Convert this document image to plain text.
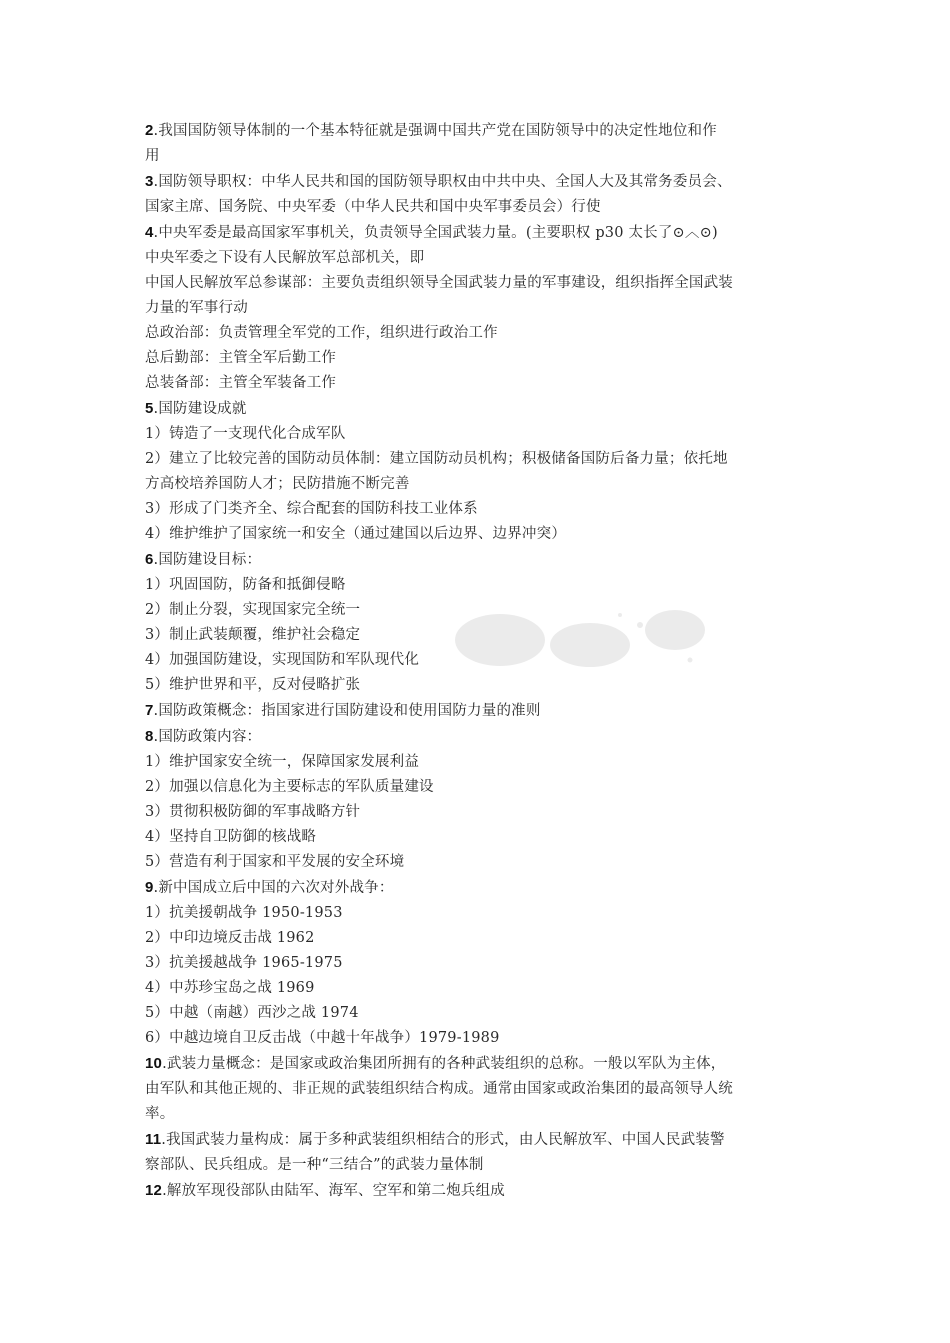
2.我国国防领导体制的一个基本特征就是强调中国共产党在国防领导中的决定性地位和作
用
3.国防领导职权：中华人民共和国的国防领导职权由中共中央、全国人大及其常务委员会、
国家主席、国务院、中央军委（中华人民共和国中央军事委员会）行使
4.中央军委是最高国家军事机关，负责领导全国武装力量。(主要职权 p30 太长了⊙︿⊙)
中央军委之下设有人民解放军总部机关，即
中国人民解放军总参谋部：主要负责组织领导全国武装力量的军事建设，组织指挥全国武装
力量的军事行动
总政治部：负责管理全军党的工作，组织进行政治工作
总后勤部：主管全军后勤工作
总装备部：主管全军装备工作
5.国防建设成就
1）铸造了一支现代化合成军队
2）建立了比较完善的国防动员体制：建立国防动员机构；积极储备国防后备力量；依托地
方高校培养国防人才；民防措施不断完善
3）形成了门类齐全、综合配套的国防科技工业体系
4）维护维护了国家统一和安全（通过建国以后边界、边界冲突）
6.国防建设目标：
1）巩固国防，防备和抵御侵略
2）制止分裂，实现国家完全统一
3）制止武装颠覆，维护社会稳定
4）加强国防建设，实现国防和军队现代化
5）维护世界和平，反对侵略扩张
7.国防政策概念：指国家进行国防建设和使用国防力量的准则
8.国防政策内容：
1）维护国家安全统一，保障国家发展利益
2）加强以信息化为主要标志的军队质量建设
3）贯彻积极防御的军事战略方针
4）坚持自卫防御的核战略
5）营造有利于国家和平发展的安全环境
9.新中国成立后中国的六次对外战争：
1）抗美援朝战争 1950-1953
2）中印边境反击战 1962
3）抗美援越战争 1965-1975
4）中苏珍宝岛之战 1969
5）中越（南越）西沙之战 1974
6）中越边境自卫反击战（中越十年战争）1979-1989
10.武装力量概念：是国家或政治集团所拥有的各种武装组织的总称。一般以军队为主体，
由军队和其他正规的、非正规的武装组织结合构成。通常由国家或政治集团的最高领导人统
率。
11.我国武装力量构成：属于多种武装组织相结合的形式，由人民解放军、中国人民武装警
察部队、民兵组成。是一种“三结合”的武装力量体制
12.解放军现役部队由陆军、海军、空军和第二炮兵组成
